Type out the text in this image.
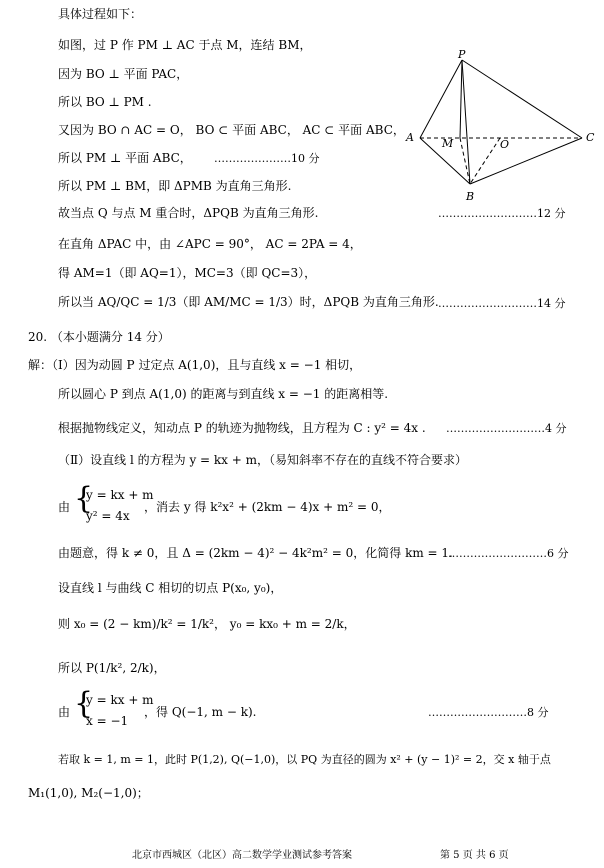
具体过程如下：
如图，过 P 作 PM ⊥ AC 于点 M，连结 BM，
因为 BO ⊥ 平面 PAC，
所以 BO ⊥ PM .
又因为 BO ∩ AC = O， BO ⊂ 平面 ABC， AC ⊂ 平面 ABC，
所以 PM ⊥ 平面 ABC， …………………10 分
所以 PM ⊥ BM，即 ΔPMB 为直角三角形.
故当点 Q 与点 M 重合时，ΔPQB 为直角三角形.	………………………12 分
在直角 ΔPAC 中，由 ∠APC = 90°， AC = 2PA = 4，
得 AM=1（即 AQ=1），MC=3（即 QC=3），
所以当 AQ/QC = 1/3（即 AM/MC = 1/3）时，ΔPQB 为直角三角形. ………………………14 分
P
A	M	O
C
B
20. （本小题满分 14 分）
解：（Ⅰ）因为动圆 P 过定点 A(1,0)，且与直线 x = −1 相切，
所以圆心 P 到点 A(1,0) 的距离与到直线 x = −1 的距离相等.
根据抛物线定义，知动点 P 的轨迹为抛物线，且方程为 C : y² = 4x . ………………………4 分
（Ⅱ）设直线 l 的方程为 y = kx + m，（易知斜率不存在的直线不符合要求）
由 {
y = kx + m
y² = 4x
，消去 y 得 k²x² + (2km − 4)x + m² = 0，
由题意，得 k ≠ 0，且 Δ = (2km − 4)² − 4k²m² = 0，化简得 km = 1.
………………………6 分
设直线 l 与曲线 C 相切的切点 P(x₀, y₀)，
则 x₀ = (2 − km)/k² = 1/k²， y₀ = kx₀ + m = 2/k，
所以 P(1/k², 2/k)，
由 {
y = kx + m
x = −1
，得 Q(−1, m − k).	………………………8 分
若取 k = 1, m = 1，此时 P(1,2), Q(−1,0)，以 PQ 为直径的圆为 x² + (y − 1)² = 2，交 x 轴于点
M₁(1,0), M₂(−1,0)；
北京市西城区（北区）高二数学学业测试参考答案	第 5 页 共 6 页
